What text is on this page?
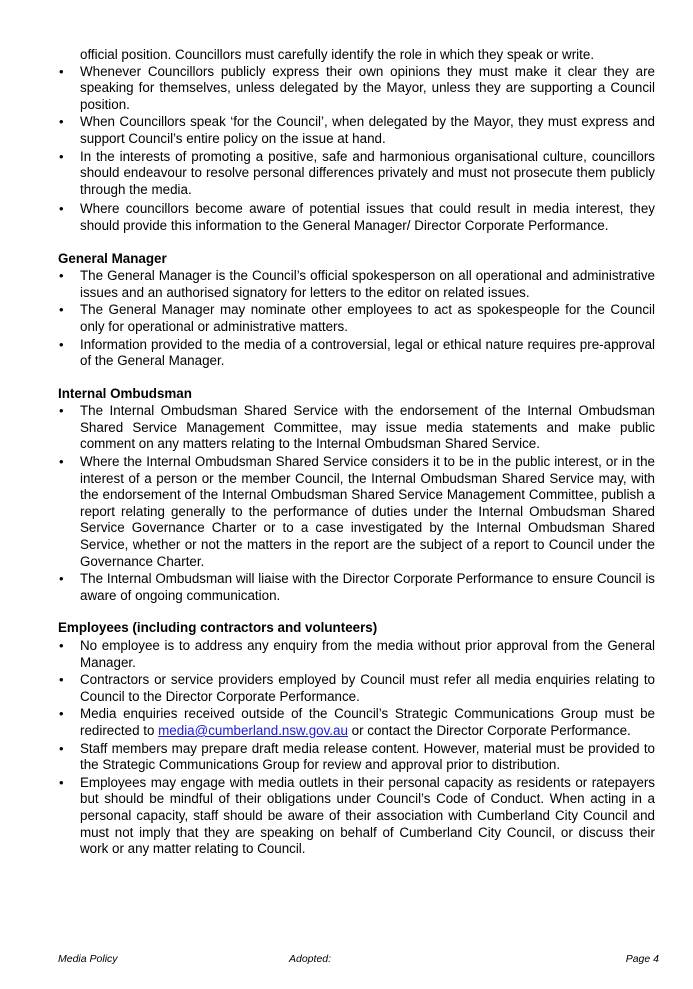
official position. Councillors must carefully identify the role in which they speak or write.

• Whenever Councillors publicly express their own opinions they must make it clear they are speaking for themselves, unless delegated by the Mayor, unless they are supporting a Council position.
• When Councillors speak ‘for the Council’, when delegated by the Mayor, they must express and support Council’s entire policy on the issue at hand.
• In the interests of promoting a positive, safe and harmonious organisational culture, councillors should endeavour to resolve personal differences privately and must not prosecute them publicly through the media.
• Where councillors become aware of potential issues that could result in media interest, they should provide this information to the General Manager/ Director Corporate Performance.
General Manager
• The General Manager is the Council’s official spokesperson on all operational and administrative issues and an authorised signatory for letters to the editor on related issues.
• The General Manager may nominate other employees to act as spokespeople for the Council only for operational or administrative matters.
• Information provided to the media of a controversial, legal or ethical nature requires pre-approval of the General Manager.
Internal Ombudsman
• The Internal Ombudsman Shared Service with the endorsement of the Internal Ombudsman Shared Service Management Committee, may issue media statements and make public comment on any matters relating to the Internal Ombudsman Shared Service.
• Where the Internal Ombudsman Shared Service considers it to be in the public interest, or in the interest of a person or the member Council, the Internal Ombudsman Shared Service may, with the endorsement of the Internal Ombudsman Shared Service Management Committee, publish a report relating generally to the performance of duties under the Internal Ombudsman Shared Service Governance Charter or to a case investigated by the Internal Ombudsman Shared Service, whether or not the matters in the report are the subject of a report to Council under the Governance Charter.
• The Internal Ombudsman will liaise with the Director Corporate Performance to ensure Council is aware of ongoing communication.
Employees (including contractors and volunteers)
• No employee is to address any enquiry from the media without prior approval from the General Manager.
• Contractors or service providers employed by Council must refer all media enquiries relating to Council to the Director Corporate Performance.
• Media enquiries received outside of the Council’s Strategic Communications Group must be redirected to media@cumberland.nsw.gov.au or contact the Director Corporate Performance.
• Staff members may prepare draft media release content. However, material must be provided to the Strategic Communications Group for review and approval prior to distribution.
• Employees may engage with media outlets in their personal capacity as residents or ratepayers but should be mindful of their obligations under Council’s Code of Conduct. When acting in a personal capacity, staff should be aware of their association with Cumberland City Council and must not imply that they are speaking on behalf of Cumberland City Council, or discuss their work or any matter relating to Council.
Media Policy	Adopted:	Page 4
